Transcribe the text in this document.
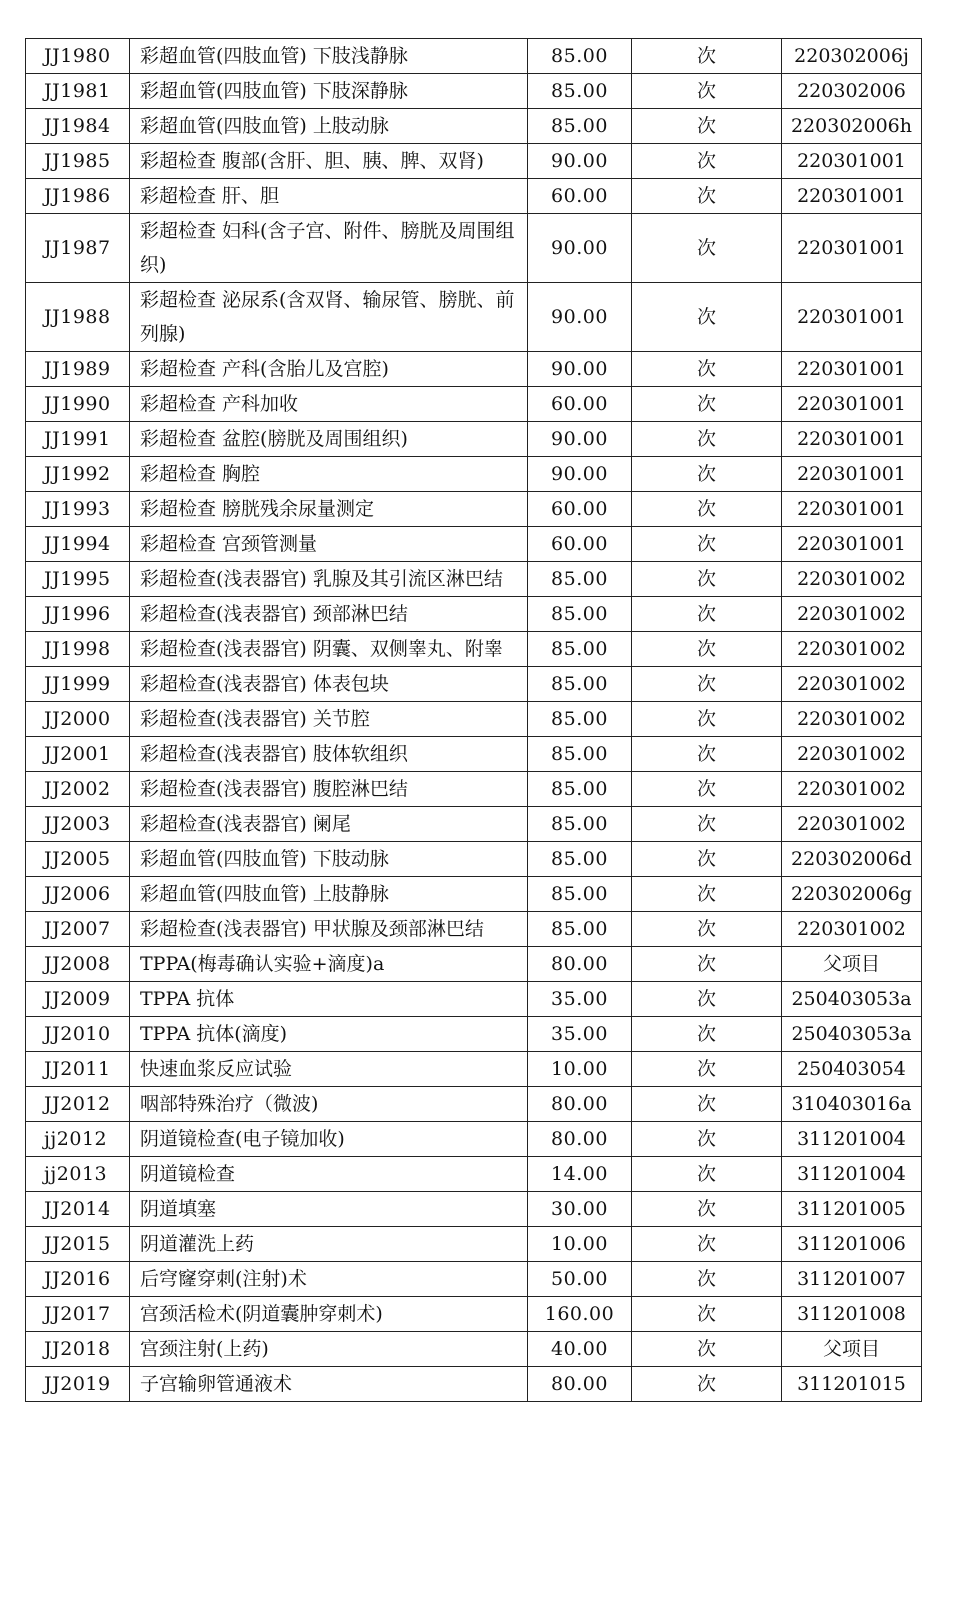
JJ1980	彩超血管(四肢血管) 下肢浅静脉	85.00	次	220302006j
JJ1981	彩超血管(四肢血管) 下肢深静脉	85.00	次	220302006
JJ1984	彩超血管(四肢血管) 上肢动脉	85.00	次	220302006h
JJ1985	彩超检查 腹部(含肝、胆、胰、脾、双肾)	90.00	次	220301001
JJ1986	彩超检查 肝、胆	60.00	次	220301001
JJ1987	彩超检查 妇科(含子宫、附件、膀胱及周围组织)	90.00	次	220301001
JJ1988	彩超检查 泌尿系(含双肾、输尿管、膀胱、前列腺)	90.00	次	220301001
JJ1989	彩超检查 产科(含胎儿及宫腔)	90.00	次	220301001
JJ1990	彩超检查 产科加收	60.00	次	220301001
JJ1991	彩超检查 盆腔(膀胱及周围组织)	90.00	次	220301001
JJ1992	彩超检查 胸腔	90.00	次	220301001
JJ1993	彩超检查 膀胱残余尿量测定	60.00	次	220301001
JJ1994	彩超检查 宫颈管测量	60.00	次	220301001
JJ1995	彩超检查(浅表器官) 乳腺及其引流区淋巴结	85.00	次	220301002
JJ1996	彩超检查(浅表器官) 颈部淋巴结	85.00	次	220301002
JJ1998	彩超检查(浅表器官) 阴囊、双侧睾丸、附睾	85.00	次	220301002
JJ1999	彩超检查(浅表器官) 体表包块	85.00	次	220301002
JJ2000	彩超检查(浅表器官) 关节腔	85.00	次	220301002
JJ2001	彩超检查(浅表器官) 肢体软组织	85.00	次	220301002
JJ2002	彩超检查(浅表器官) 腹腔淋巴结	85.00	次	220301002
JJ2003	彩超检查(浅表器官) 阑尾	85.00	次	220301002
JJ2005	彩超血管(四肢血管) 下肢动脉	85.00	次	220302006d
JJ2006	彩超血管(四肢血管) 上肢静脉	85.00	次	220302006g
JJ2007	彩超检查(浅表器官) 甲状腺及颈部淋巴结	85.00	次	220301002
JJ2008	TPPA(梅毒确认实验+滴度)a	80.00	次	父项目
JJ2009	TPPA 抗体	35.00	次	250403053a
JJ2010	TPPA 抗体(滴度)	35.00	次	250403053a
JJ2011	快速血浆反应试验	10.00	次	250403054
JJ2012	咽部特殊治疗（微波)	80.00	次	310403016a
jj2012	阴道镜检查(电子镜加收)	80.00	次	311201004
jj2013	阴道镜检查	14.00	次	311201004
JJ2014	阴道填塞	30.00	次	311201005
JJ2015	阴道灌洗上药	10.00	次	311201006
JJ2016	后穹窿穿刺(注射)术	50.00	次	311201007
JJ2017	宫颈活检术(阴道囊肿穿刺术)	160.00	次	311201008
JJ2018	宫颈注射(上药)	40.00	次	父项目
JJ2019	子宫输卵管通液术	80.00	次	311201015
